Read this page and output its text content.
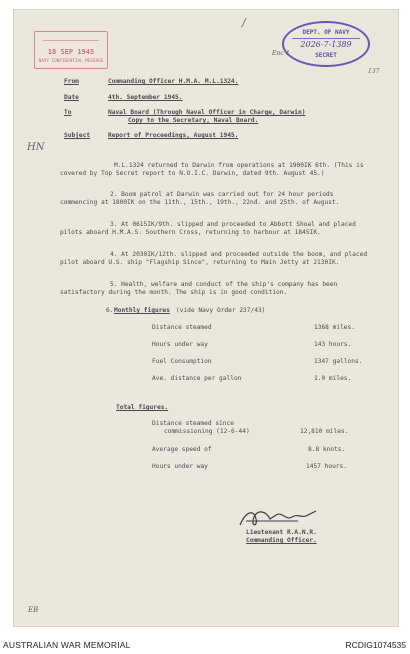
18 SEP 1945
NAVY CONFIDENTIAL MESSAGE
DEPT. OF NAVY
2026-7-1389
SECRET
Enc 4
137
/
HN
From	Commanding Officer H.M.A. M.L.1324.
Date	4th. September 1945.
To	Naval Board (Through Naval Officer in Charge, Darwin)
Copy to the Secretary, Naval Board.
Subject	Report of Proceedings, August 1945.
M.L.1324 returned to Darwin from operations at 1900IK 6th. (This is covered by Top Secret report to N.O.I.C. Darwin, dated 9th. August 45.)
2. Boom patrol at Darwin was carried out for 24 hour periods commencing at 1800IK on the 11th., 15th., 19th., 22nd. and 25th. of August.
3. At 0615IK/9th. slipped and proceeded to Abbott Shoal and placed pilots aboard H.M.A.S. Southern Cross, returning to harbour at 1845IK.
4. At 2030IK/12th. slipped and proceeded outside the boom, and placed pilot aboard U.S. ship "Flagship Since", returning to Main Jetty at 2130IK.
5. Health, welfare and conduct of the ship's company has been satisfactory during the month. The ship is in good condition.
6. Monthly figures (vide Navy Order 237/43)
Distance steamed	1368 miles.
Hours under way	143 hours.
Fuel Consumption	1347 gallons.
Ave. distance per gallon	1.0 miles.
Total figures.
Distance steamed since
commissioning (12-6-44)	12,810 miles.
Average speed of	8.8 knots.
Hours under way	1457 hours.
Lieutenant R.A.N.R.
Commanding Officer.
EB
AUSTRALIAN WAR MEMORIAL	RCDIG1074535
